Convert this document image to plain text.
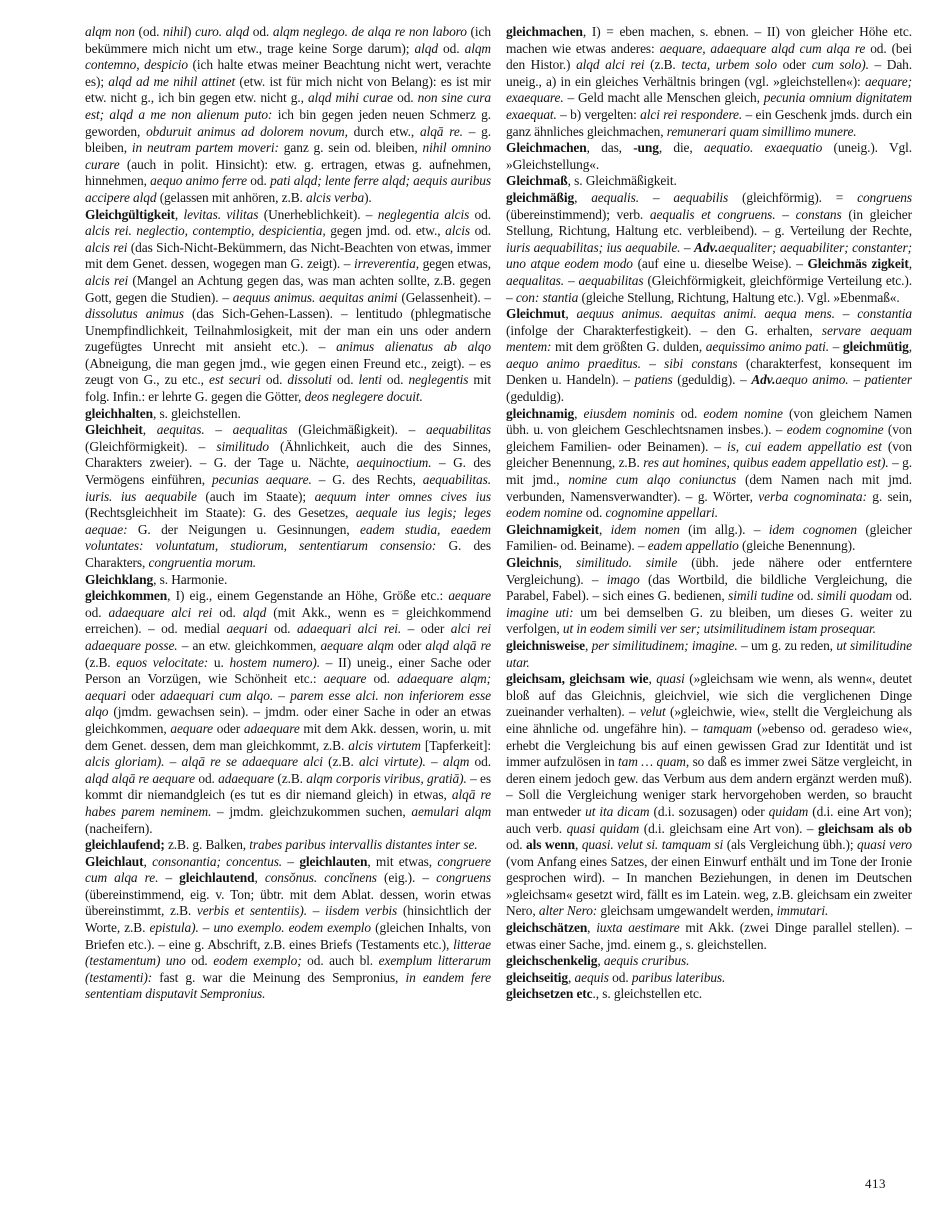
alqm non (od. nihil) curo. alqd od. alqm neglego. de alqa re non laboro (ich bekümmere mich nicht um etw., trage keine Sorge darum); alqd od. alqm contemno, despicio (ich halte etwas meiner Beachtung nicht wert, verachte es); alqd ad me nihil attinet (etw. ist für mich nicht von Belang): es ist mir etw. nicht g., ich bin gegen etw. nicht g., alqd mihi curae od. non sine cura est; alqd a me non alienum puto: ich bin gegen jeden neuen Schmerz g. geworden, obduruit animus ad dolorem novum, durch etw., alqā re. – g. bleiben, in neutram partem moveri: ganz g. sein od. bleiben, nihil omnino curare (auch in polit. Hinsicht): etw. g. ertragen, etwas g. aufnehmen, hinnehmen, aequo animo ferre od. pati alqd; lente ferre alqd; aequis auribus accipere alqd (gelassen mit anhören, z.B. alcis verba).

Gleichgültigkeit, levitas. vilitas (Unerheblichkeit). – neglegentia alcis od. alcis rei. neglectio, contemptio, despicientia, gegen jmd. od. etw., alcis od. alcis rei (das Sich-Nicht-Bekümmern, das Nicht-Beachten von etwas, immer mit dem Genet. dessen, wogegen man G. zeigt). – irreverentia, gegen etwas, alcis rei (Mangel an Achtung gegen das, was man achten sollte, z.B. gegen Gott, gegen die Studien). – aequus animus. aequitas animi (Gelassenheit). – dissolutus animus (das Sich-Gehen-Lassen). – lentitudo (phlegmatische Unempfindlichkeit, Teilnahmlosigkeit, mit der man ein uns oder andern zugefügtes Unrecht mit ansieht etc.). – animus alienatus ab alqo (Abneigung, die man gegen jmd., wie gegen einen Freund etc., zeigt). – es zeugt von G., zu etc., est securi od. dissoluti od. lenti od. neglegentis mit folg. Infin.: er lehrte G. gegen die Götter, deos neglegere docuit.

gleichhalten, s. gleichstellen.

Gleichheit, aequitas. – aequalitas (Gleichmäßigkeit). – aequabilitas (Gleichförmigkeit). – similitudo (Ähnlichkeit, auch die des Sinnes, Charakters zweier). – G. der Tage u. Nächte, aequinoctium. – G. des Vermögens einführen, pecunias aequare. – G. des Rechts, aequabilitas. iuris. ius aequabile (auch im Staate); aequum inter omnes cives ius (Rechtsgleichheit im Staate): G. des Gesetzes, aequale ius legis; leges aequae: G. der Neigungen u. Gesinnungen, eadem studia, eaedem voluntates: voluntatum, studiorum, sententiarum consensio: G. des Charakters, congruentia morum.

Gleichklang, s. Harmonie.

gleichkommen, I) eig., einem Gegenstande an Höhe, Größe etc.: aequare od. adaequare alci rei od. alqd (mit Akk., wenn es = gleichkommend erreichen). – od. medial aequari od. adaequari alci rei. – oder alci rei adaequare posse. – an etw. gleichkommen, aequare alqm oder alqd alqā re (z.B. equos velocitate: u. hostem numero). – II) uneig., einer Sache oder Person an Vorzügen, wie Schönheit etc.: aequare od. adaequare alqm; aequari oder adaequari cum alqo. – parem esse alci. non inferiorem esse alqo (jmdm. gewachsen sein). – jmdm. oder einer Sache in oder an etwas gleichkommen, aequare oder adaequare mit dem Akk. dessen, worin, u. mit dem Genet. dessen, dem man gleichkommt, z.B. alcis virtutem [Tapferkeit]: alcis gloriam). – alqā re se adaequare alci (z.B. alci virtute). – alqm od. alqd alqā re aequare od. adaequare (z.B. alqm corporis viribus, gratiā). – es kommt dir niemandgleich (es tut es dir niemand gleich) in etwas, alqā re habes parem neminem. – jmdm. gleichzukommen suchen, aemulari alqm (nacheifern).

gleichlaufend; z.B. g. Balken, trabes paribus intervallis distantes inter se.

Gleichlaut, consonantia; concentus. – gleichlauten, mit etwas, congruere cum alqa re. – gleichlautend, consŏnus. concĭnens (eig.). – congruens (übereinstimmend, eig. v. Ton; übtr. mit dem Ablat. dessen, worin etwas übereinstimmt, z.B. verbis et sententiis). – iisdem verbis (hinsichtlich der Worte, z.B. epistula). – uno exemplo. eodem exemplo (gleichen Inhalts, von Briefen etc.). – eine g. Abschrift, z.B. eines Briefs (Testaments etc.), litterae (testamentum) uno od. eodem exemplo; od. auch bl. exemplum litterarum (testamenti): fast g. war die Meinung des Sempronius, in eandem fere sententiam disputavit Sempronius.

gleichmachen, I) = eben machen, s. ebnen. – II) von gleicher Höhe etc. machen wie etwas anderes: aequare, adaequare alqd cum alqa re od. (bei den Histor.) alqd alci rei (z.B. tecta, urbem solo oder cum solo). – Dah. uneig., a) in ein gleiches Verhältnis bringen (vgl. »gleichstellen«): aequare; exaequare. – Geld macht alle Menschen gleich, pecunia omnium dignitatem exaequat. – b) vergelten: alci rei respondere. – ein Geschenk jmds. durch ein ganz ähnliches gleichmachen, remunerari quam simillimo munere.

Gleichmachen, das, -ung, die, aequatio. exaequatio (uneig.). Vgl. »Gleichstellung«.

Gleichmaß, s. Gleichmäßigkeit.

gleichmäßig, aequalis. – aequabilis (gleichförmig). = congruens (übereinstimmend); verb. aequalis et congruens. – constans (in gleicher Stellung, Richtung, Haltung etc. verbleibend). – g. Verteilung der Rechte, iuris aequabilitas; ius aequabile. – Adv.aequaliter; aequabiliter; constanter; uno atque eodem modo (auf eine u. dieselbe Weise). – Gleichmäs zigkeit, aequalitas. – aequabilitas (Gleichförmigkeit, gleichförmige Verteilung etc.). – con: stantia (gleiche Stellung, Richtung, Haltung etc.). Vgl. »Ebenmaß«.

Gleichmut, aequus animus. aequitas animi. aequa mens. – constantia (infolge der Charakterfestigkeit). – den G. erhalten, servare aequam mentem: mit dem größten G. dulden, aequissimo animo pati. – gleichmütig, aequo animo praeditus. – sibi constans (charakterfest, konsequent im Denken u. Handeln). – patiens (geduldig). – Adv.aequo animo. – patienter (geduldig).

gleichnamig, eiusdem nominis od. eodem nomine (von gleichem Namen übh. u. von gleichem Geschlechtsnamen insbes.). – eodem cognomine (von gleichem Familien- oder Beinamen). – is, cui eadem appellatio est (von gleicher Benennung, z.B. res aut homines, quibus eadem appellatio est). – g. mit jmd., nomine cum alqo coniunctus (dem Namen nach mit jmd. verbunden, Namensverwandter). – g. Wörter, verba cognominata: g. sein, eodem nomine od. cognomine appellari.

Gleichnamigkeit, idem nomen (im allg.). – idem cognomen (gleicher Familien- od. Beiname). – eadem appellatio (gleiche Benennung).

Gleichnis, similitudo. simile (übh. jede nähere oder entferntere Vergleichung). – imago (das Wortbild, die bildliche Vergleichung, die Parabel, Fabel). – sich eines G. bedienen, simili tudine od. simili quodam od. imagine uti: um bei demselben G. zu bleiben, um dieses G. weiter zu verfolgen, ut in eodem simili ver ser; utsimilitudinem istam prosequar.

gleichnisweise, per similitudinem; imagine. – um g. zu reden, ut similitudine utar.

gleichsam, gleichsam wie, quasi (»gleichsam wie wenn, als wenn«, deutet bloß auf das Gleichnis, gleichviel, wie sich die verglichenen Dinge zueinander verhalten). – velut (»gleichwie, wie«, stellt die Vergleichung als eine ähnliche od. ungefähre hin). – tamquam (»ebenso od. geradeso wie«, erhebt die Vergleichung bis auf einen gewissen Grad zur Identität und ist immer aufzulösen in tam … quam, so daß es immer zwei Sätze vergleicht, in deren einem jedoch gew. das Verbum aus dem andern ergänzt werden muß). – Soll die Vergleichung weniger stark hervorgehoben werden, so braucht man entweder ut ita dicam (d.i. sozusagen) oder quidam (d.i. eine Art von); auch verb. quasi quidam (d.i. gleichsam eine Art von). – gleichsam als ob od. als wenn, quasi. velut si. tamquam si (als Vergleichung übh.); quasi vero (vom Anfang eines Satzes, der einen Einwurf enthält und im Tone der Ironie gesprochen wird). – In manchen Beziehungen, in denen im Deutschen »gleichsam« gesetzt wird, fällt es im Latein. weg, z.B. gleichsam ein zweiter Nero, alter Nero: gleichsam umgewandelt werden, immutari.

gleichschätzen, iuxta aestimare mit Akk. (zwei Dinge parallel stellen). – etwas einer Sache, jmd. einem g., s. gleichstellen.

gleichschenkelig, aequis cruribus.

gleichseitig, aequis od. paribus lateribus.

gleichsetzen etc., s. gleichstellen etc.

413
